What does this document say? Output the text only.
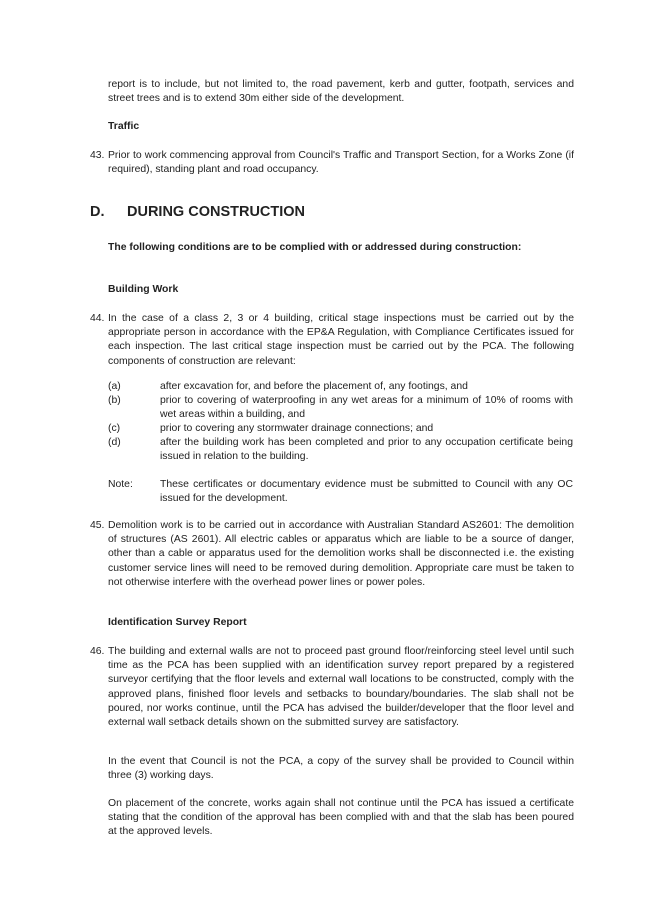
report is to include, but not limited to, the road pavement, kerb and gutter, footpath, services and street trees and is to extend 30m either side of the development.

Traffic
43. Prior to work commencing approval from Council's Traffic and Transport Section, for a Works Zone (if required), standing plant and road occupancy.

D. DURING CONSTRUCTION

The following conditions are to be complied with or addressed during construction:

Building Work
44. In the case of a class 2, 3 or 4 building, critical stage inspections must be carried out by the appropriate person in accordance with the EP&A Regulation, with Compliance Certificates issued for each inspection. The last critical stage inspection must be carried out by the PCA. The following components of construction are relevant:

(a)	after excavation for, and before the placement of, any footings, and

(b)	prior to covering of waterproofing in any wet areas for a minimum of 10% of rooms with wet areas within a building, and

(c)	prior to covering any stormwater drainage connections; and

(d)	after the building work has been completed and prior to any occupation certificate being issued in relation to the building.

Note:	These certificates or documentary evidence must be submitted to Council with any OC issued for the development.

45. Demolition work is to be carried out in accordance with Australian Standard AS2601: The demolition of structures (AS 2601). All electric cables or apparatus which are liable to be a source of danger, other than a cable or apparatus used for the demolition works shall be disconnected i.e. the existing customer service lines will need to be removed during demolition. Appropriate care must be taken to not otherwise interfere with the overhead power lines or power poles.

Identification Survey Report
46. The building and external walls are not to proceed past ground floor/reinforcing steel level until such time as the PCA has been supplied with an identification survey report prepared by a registered surveyor certifying that the floor levels and external wall locations to be constructed, comply with the approved plans, finished floor levels and setbacks to boundary/boundaries. The slab shall not be poured, nor works continue, until the PCA has advised the builder/developer that the floor level and external wall setback details shown on the submitted survey are satisfactory.

In the event that Council is not the PCA, a copy of the survey shall be provided to Council within three (3) working days.

On placement of the concrete, works again shall not continue until the PCA has issued a certificate stating that the condition of the approval has been complied with and that the slab has been poured at the approved levels.
